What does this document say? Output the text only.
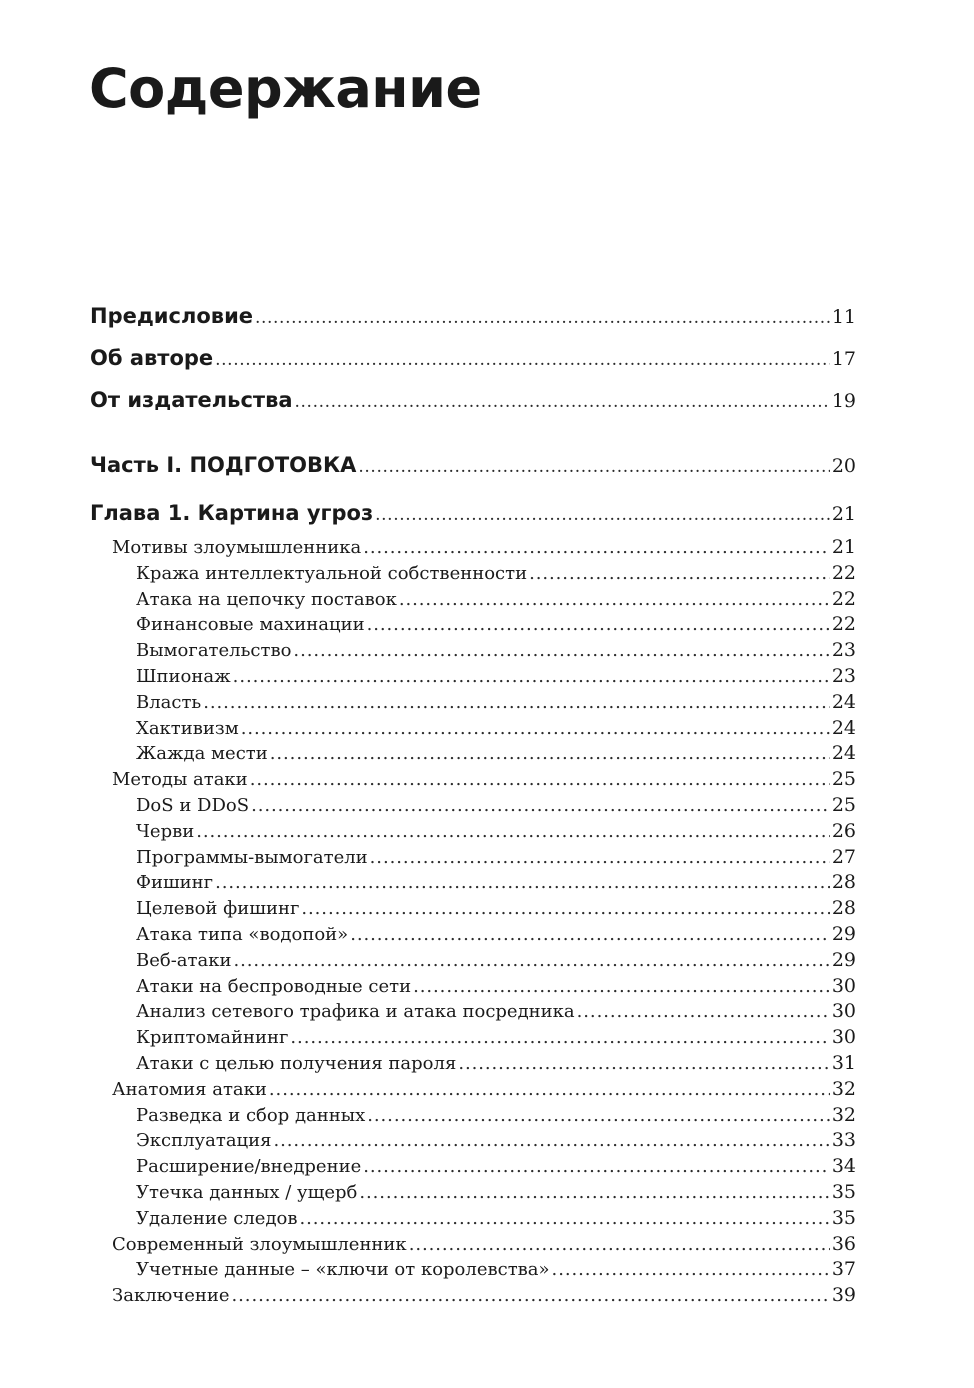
Содержание
Предисловие . . .	11
Об авторе . . .	17
От издательства . . .	19
Часть I. ПОДГОТОВКА . . .	20
Глава 1. Картина угроз . . .	21
Мотивы злоумышленника . . .	21
Кража интеллектуальной собственности . . .	22
Атака на цепочку поставок . . .	22
Финансовые махинации . . .	22
Вымогательство . . .	23
Шпионаж . . .	23
Власть . . .	24
Хактивизм . . .	24
Жажда мести . . .	24
Методы атаки . . .	25
DoS и DDoS . . .	25
Черви . . .	26
Программы-вымогатели . . .	27
Фишинг . . .	28
Целевой фишинг . . .	28
Атака типа «водопой» . . .	29
Веб-атаки . . .	29
Атаки на беспроводные сети . . .	30
Анализ сетевого трафика и атака посредника . . .	30
Криптомайнинг . . .	30
Атаки с целью получения пароля . . .	31
Анатомия атаки . . .	32
Разведка и сбор данных . . .	32
Эксплуатация . . .	33
Расширение/внедрение . . .	34
Утечка данных / ущерб . . .	35
Удаление следов . . .	35
Современный злоумышленник . . .	36
Учетные данные – «ключи от королевства» . . .	37
Заключение . . .	39
